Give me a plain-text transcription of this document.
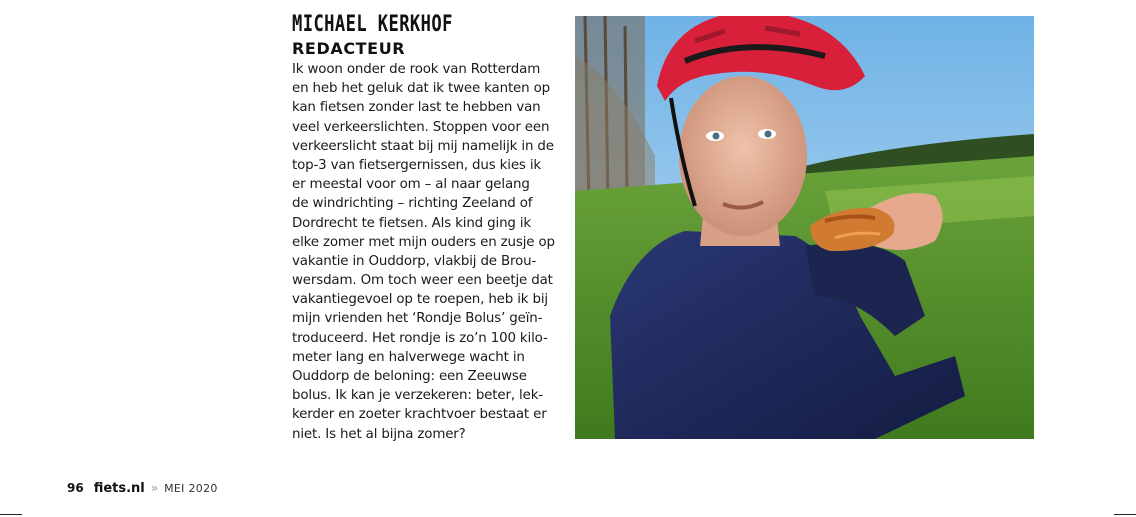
MICHAEL KERKHOF
REDACTEUR
Ik woon onder de rook van Rotterdam
en heb het geluk dat ik twee kanten op
kan fietsen zonder last te hebben van
veel verkeerslichten. Stoppen voor een
verkeerslicht staat bij mij namelijk in de
top-3 van fietsergernissen, dus kies ik
er meestal voor om – al naar gelang
de windrichting – richting Zeeland of
Dordrecht te fietsen. Als kind ging ik
elke zomer met mijn ouders en zusje op
vakantie in Ouddorp, vlakbij de Brou-
wersdam. Om toch weer een beetje dat
vakantiegevoel op te roepen, heb ik bij
mijn vrienden het ‘Rondje Bolus’ geïn-
troduceerd. Het rondje is zo’n 100 kilo-
meter lang en halverwege wacht in
Ouddorp de beloning: een Zeeuwse
bolus. Ik kan je verzekeren: beter, lek-
kerder en zoeter krachtvoer bestaat er
niet. Is het al bijna zomer?
96 fiets.nl » MEI 2020
